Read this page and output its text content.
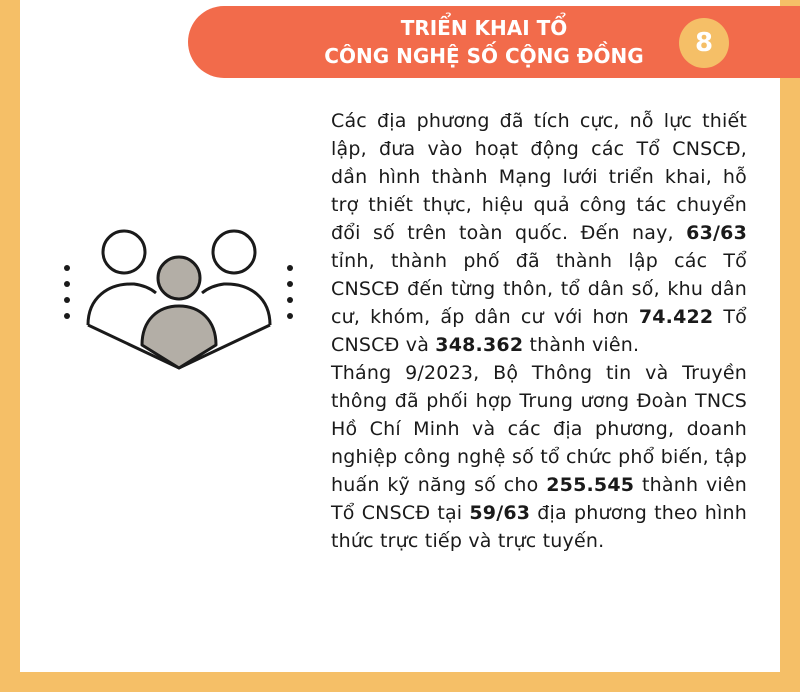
TRIỂN KHAI TỔ
CÔNG NGHỆ SỐ CỘNG ĐỒNG	8

Các địa phương đã tích cực, nỗ lực thiết lập, đưa vào hoạt động các Tổ CNSCĐ, dần hình thành Mạng lưới triển khai, hỗ trợ thiết thực, hiệu quả công tác chuyển đổi số trên toàn quốc. Đến nay, 63/63 tỉnh, thành phố đã thành lập các Tổ CNSCĐ đến từng thôn, tổ dân số, khu dân cư, khóm, ấp dân cư với hơn 74.422 Tổ CNSCĐ và 348.362 thành viên.

Tháng 9/2023, Bộ Thông tin và Truyền thông đã phối hợp Trung ương Đoàn TNCS Hồ Chí Minh và các địa phương, doanh nghiệp công nghệ số tổ chức phổ biến, tập huấn kỹ năng số cho 255.545 thành viên Tổ CNSCĐ tại 59/63 địa phương theo hình thức trực tiếp và trực tuyến.
